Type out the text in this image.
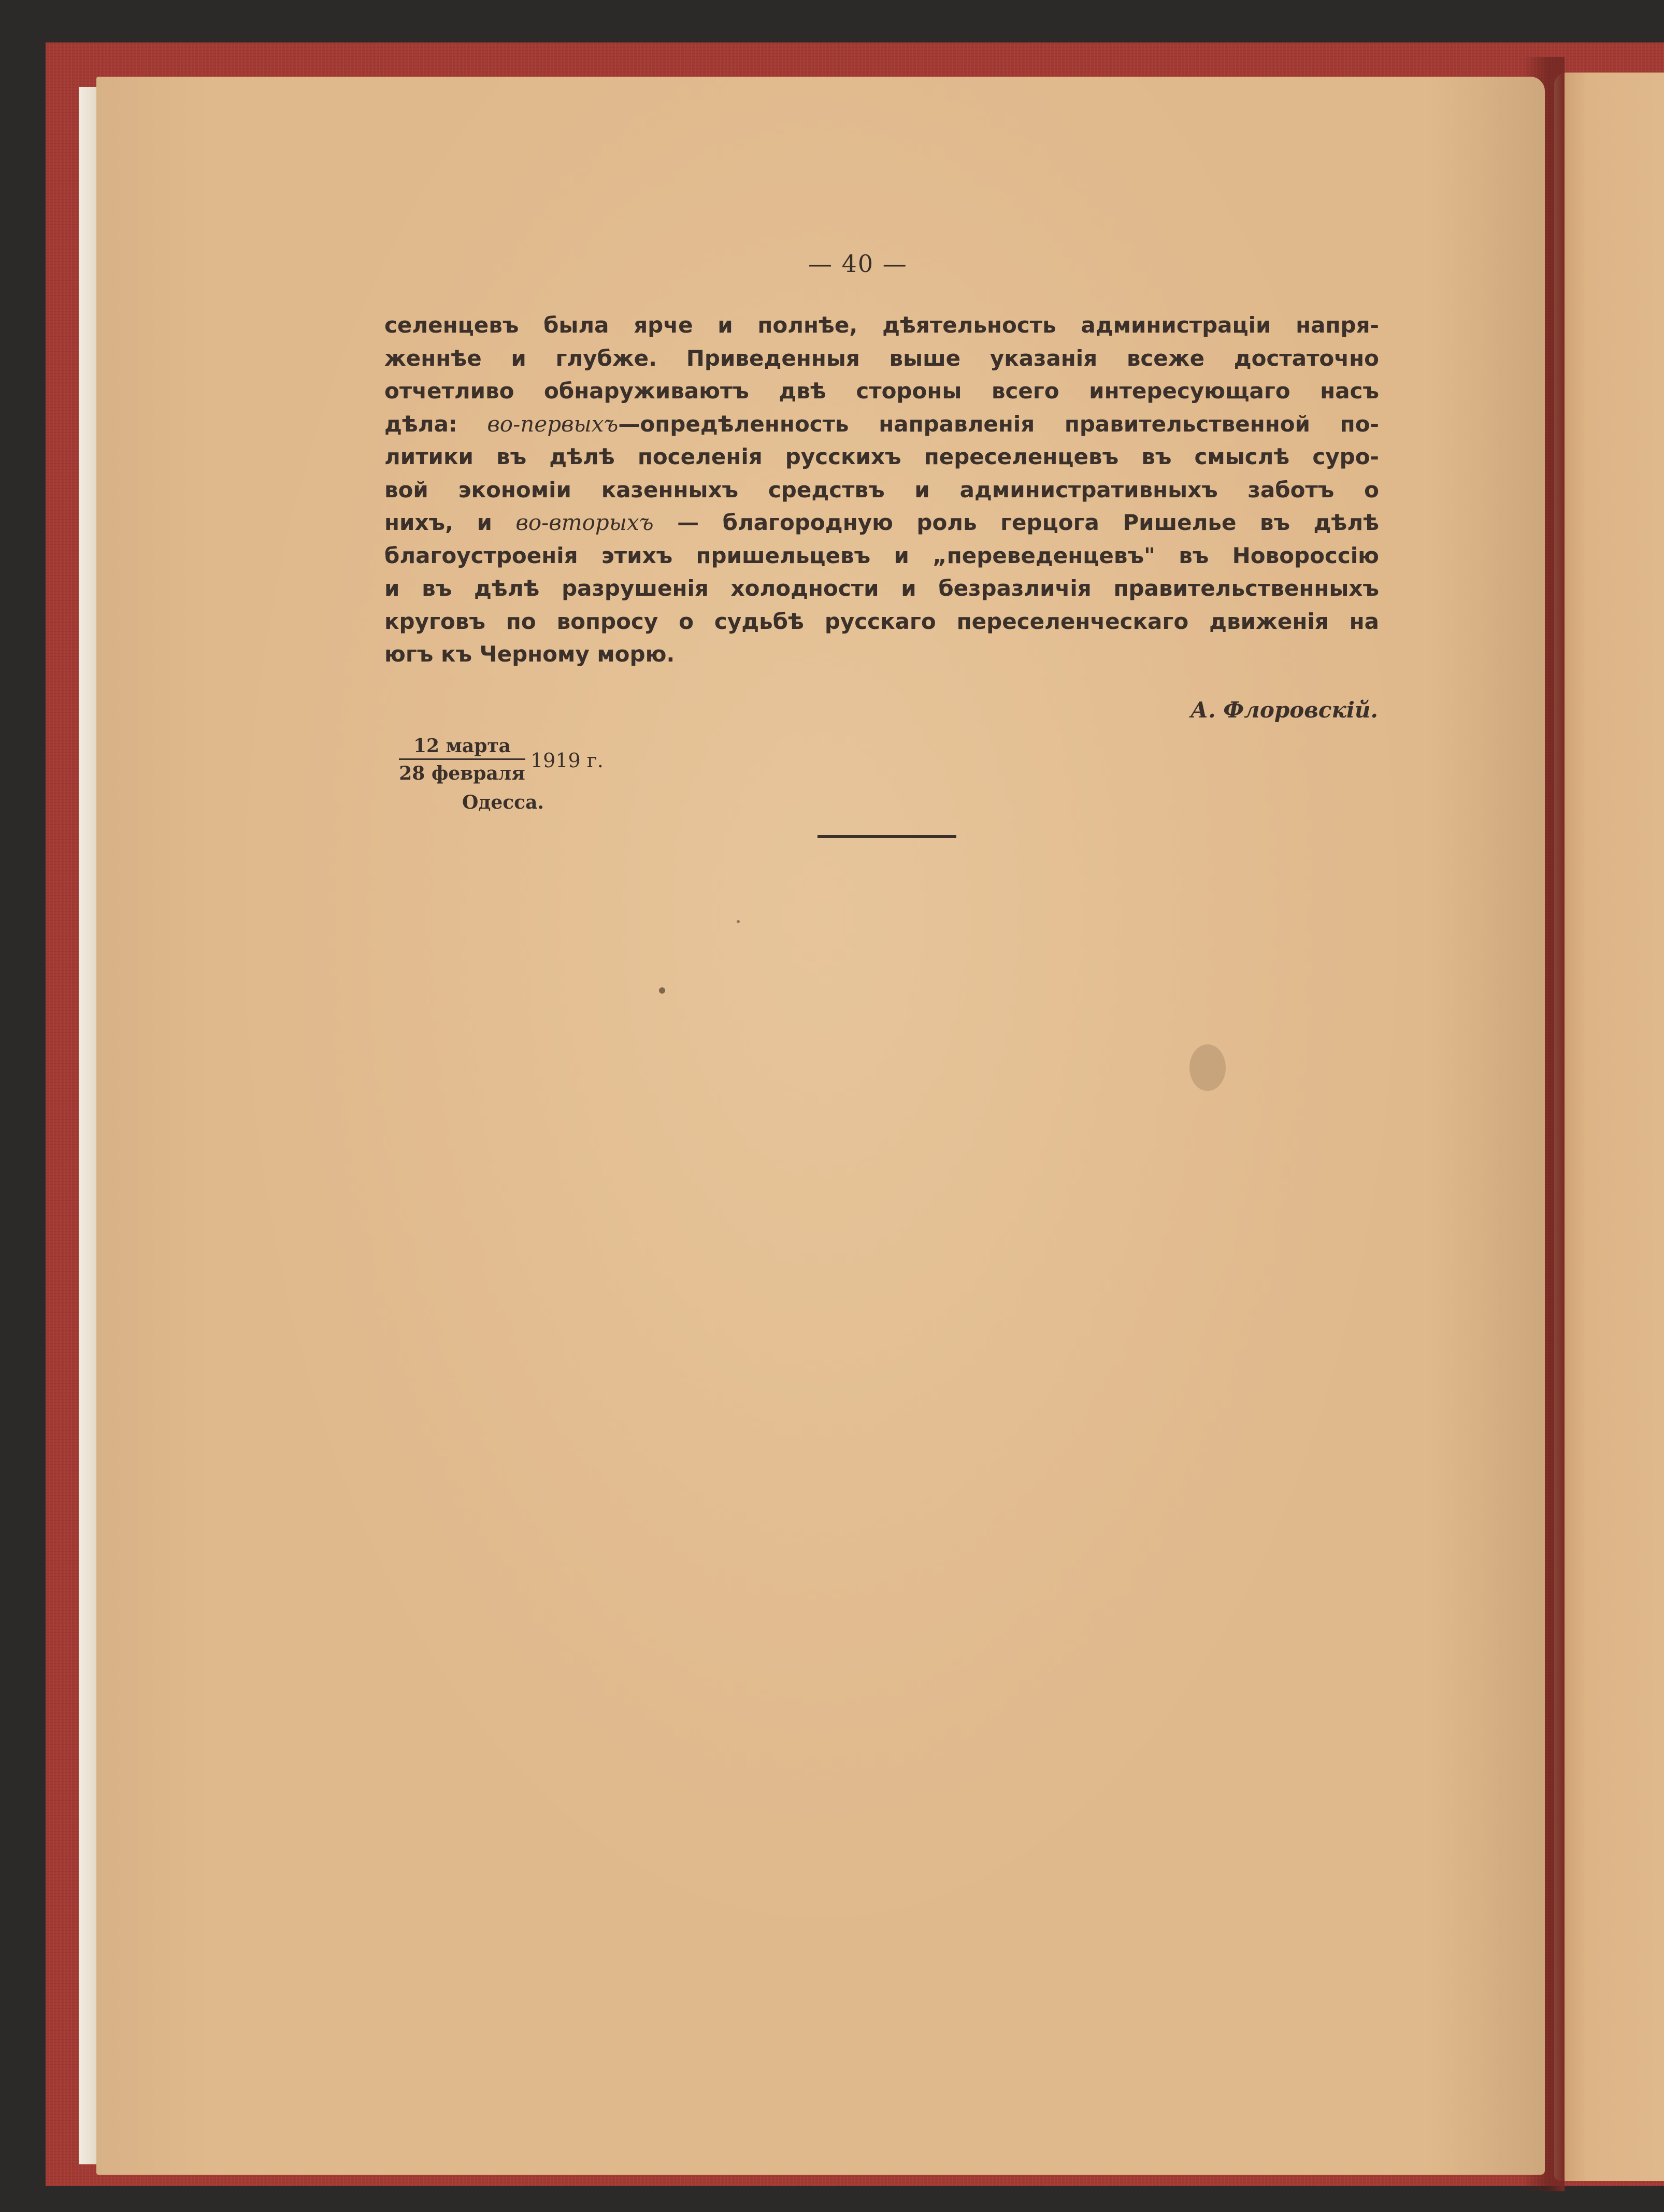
— 40 —
селенцевъ была ярче и полнѣе, дѣятельность администраціи напря-
женнѣе и глубже. Приведенныя выше указанія всеже достаточно
отчетливо обнаруживаютъ двѣ стороны всего интересующаго насъ
дѣла: во-первыхъ—опредѣленность направленія правительственной по-
литики въ дѣлѣ поселенія русскихъ переселенцевъ въ смыслѣ суро-
вой экономіи казенныхъ средствъ и административныхъ заботъ о
нихъ, и во-вторыхъ — благородную роль герцога Ришелье въ дѣлѣ
благоустроенія этихъ пришельцевъ и „переведенцевъ" въ Новороссію
и въ дѣлѣ разрушенія холодности и безразличія правительственныхъ
круговъ по вопросу о судьбѣ русскаго переселенческаго движенія на
югъ къ Черному морю.
А. Флоровскій.
12 марта
28 февраля
1919 г.
Одесса.
